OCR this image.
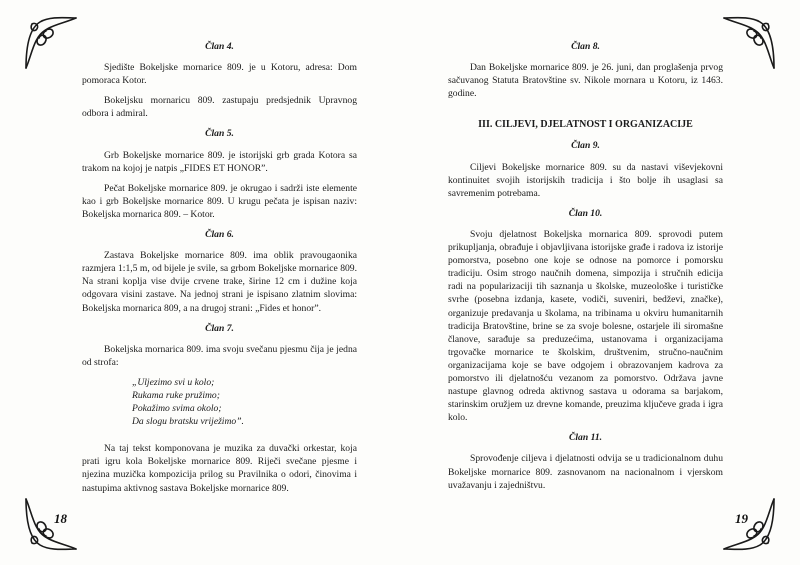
Član 4.
Sjedište Bokeljske mornarice 809. je u Kotoru, adresa: Dom pomoraca Kotor.
Bokeljsku mornaricu 809. zastupaju predsjednik Upravnog odbora i admiral.
Član 5.
Grb Bokeljske mornarice 809. je istorijski grb grada Kotora sa trakom na kojoj je natpis „FIDES ET HONOR”.
Pečat Bokeljske mornarice 809. je okrugao i sadrži iste elemente kao i grb Bokeljske mornarice 809. U krugu pečata je ispisan naziv: Bokeljska mornarica 809. – Kotor.
Član 6.
Zastava Bokeljske mornarice 809. ima oblik pravougaonika razmjera 1:1,5 m, od bijele je svile, sa grbom Bokeljske mornarice 809. Na strani koplja vise dvije crvene trake, širine 12 cm i dužine koja odgovara visini zastave. Na jednoj strani je ispisano zlatnim slovima: Bokeljska mornarica 809, a na drugoj strani: „Fides et honor”.
Član 7.
Bokeljska mornarica 809. ima svoju svečanu pjesmu čija je jedna od strofa:
„Uljezimo svi u kolo;
Rukama ruke pružimo;
Pokažimo svima okolo;
Da slogu bratsku vriježimo”.
Na taj tekst komponovana je muzika za duvački orkestar, koja prati igru kola Bokeljske mornarice 809. Riječi svečane pjesme i njezina muzička kompozicija prilog su Pravilnika o odori, činovima i nastupima aktivnog sastava Bokeljske mornarice 809.
18
Član 8.
Dan Bokeljske mornarice 809. je 26. juni, dan proglašenja prvog sačuvanog Statuta Bratovštine sv. Nikole mornara u Kotoru, iz 1463. godine.
III. CILJEVI, DJELATNOST I ORGANIZACIJE
Član 9.
Ciljevi Bokeljske mornarice 809. su da nastavi viševjekovni kontinuitet svojih istorijskih tradicija i što bolje ih usaglasi sa savremenim potrebama.
Član 10.
Svoju djelatnost Bokeljska mornarica 809. sprovodi putem prikupljanja, obrađuje i objavljivana istorijske građe i radova iz istorije pomorstva, posebno one koje se odnose na pomorce i pomorsku tradiciju. Osim strogo naučnih domena, simpozija i stručnih edicija radi na popularizaciji tih saznanja u školske, muzeološke i turističke svrhe (posebna izdanja, kasete, vodiči, suveniri, bedževi, značke), organizuje predavanja u školama, na tribinama u okviru humanitarnih tradicija Bratovštine, brine se za svoje bolesne, ostarjele ili siromašne članove, sarađuje sa preduzećima, ustanovama i organizacijama trgovačke mornarice te školskim, društvenim, stručno-naučnim organizacijama koje se bave odgojem i obrazovanjem kadrova za pomorstvo ili djelatnošću vezanom za pomorstvo. Održava javne nastupe glavnog odreda aktivnog sastava u odorama sa barjakom, starinskim oružjem uz drevne komande, preuzima ključeve grada i igra kolo.
Član 11.
Sprovođenje ciljeva i djelatnosti odvija se u tradicionalnom duhu Bokeljske mornarice 809. zasnovanom na nacionalnom i vjerskom uvažavanju i zajedništvu.
19
